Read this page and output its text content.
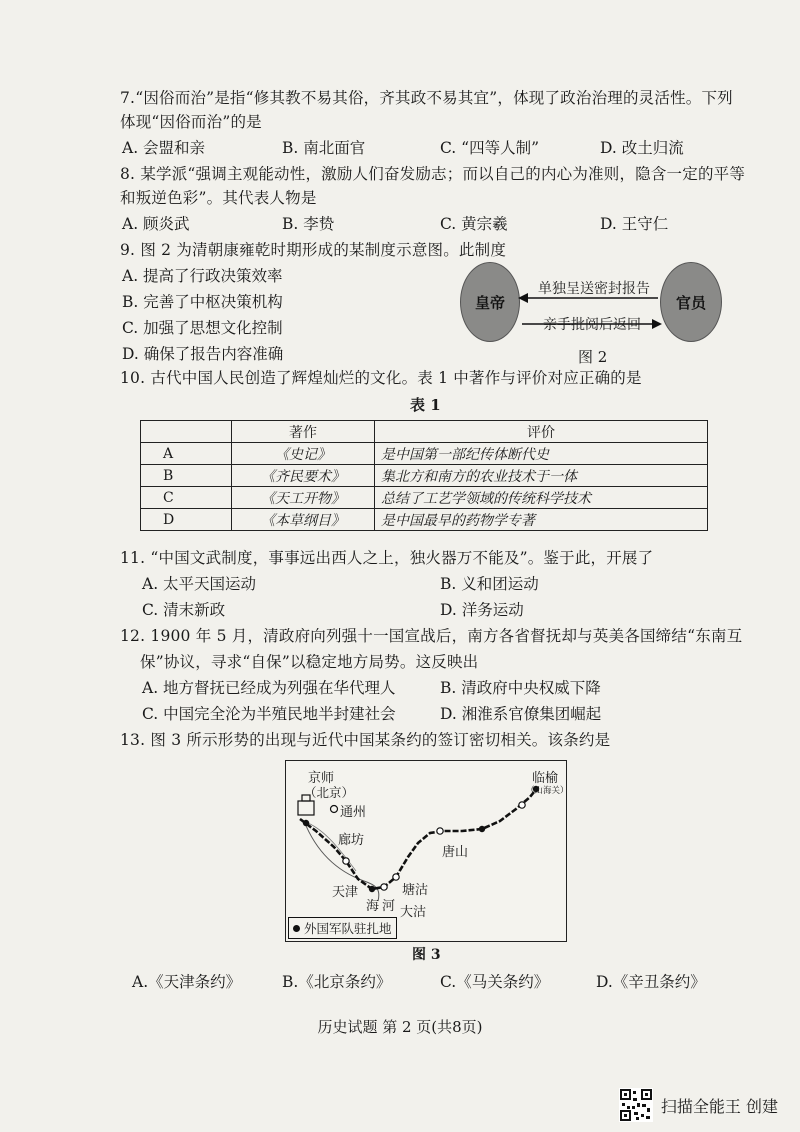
7.“因俗而治”是指“修其教不易其俗，齐其政不易其宜”，体现了政治治理的灵活性。下列
体现“因俗而治”的是
A. 会盟和亲	B. 南北面官	C. “四等人制”	D. 改土归流
8. 某学派“强调主观能动性，激励人们奋发励志；而以自己的内心为准则，隐含一定的平等
和叛逆色彩”。其代表人物是
A. 顾炎武	B. 李贽	C. 黄宗羲	D. 王守仁
9. 图 2 为清朝康雍乾时期形成的某制度示意图。此制度
A. 提高了行政决策效率
B. 完善了中枢决策机构
C. 加强了思想文化控制
D. 确保了报告内容准确
皇帝	官员
单独呈送密封报告
亲手批阅后返回
图 2
10. 古代中国人民创造了辉煌灿烂的文化。表 1 中著作与评价对应正确的是
表 1
	著作	评价
A	《史记》	是中国第一部纪传体断代史
B	《齐民要术》	集北方和南方的农业技术于一体
C	《天工开物》	总结了工艺学领域的传统科学技术
D	《本草纲目》	是中国最早的药物学专著
11. “中国文武制度，事事远出西人之上，独火器万不能及”。鉴于此，开展了
A. 太平天国运动	B. 义和团运动
C. 清末新政	D. 洋务运动
12. 1900 年 5 月，清政府向列强十一国宣战后，南方各省督抚却与英美各国缔结“东南互
保”协议，寻求“自保”以稳定地方局势。这反映出
A. 地方督抚已经成为列强在华代理人	B. 清政府中央权威下降
C. 中国完全沦为半殖民地半封建社会	D. 湘淮系官僚集团崛起
13. 图 3 所示形势的出现与近代中国某条约的签订密切相关。该条约是
京师
（北京）
通州
廊坊
唐山
临榆
（山海关）
天津
海 河
塘沽
大沽
外国军队驻扎地
图 3
A.《天津条约》	B.《北京条约》	C.《马关条约》	D.《辛丑条约》
历史试题 第 2 页(共8页)
扫描全能王 创建
